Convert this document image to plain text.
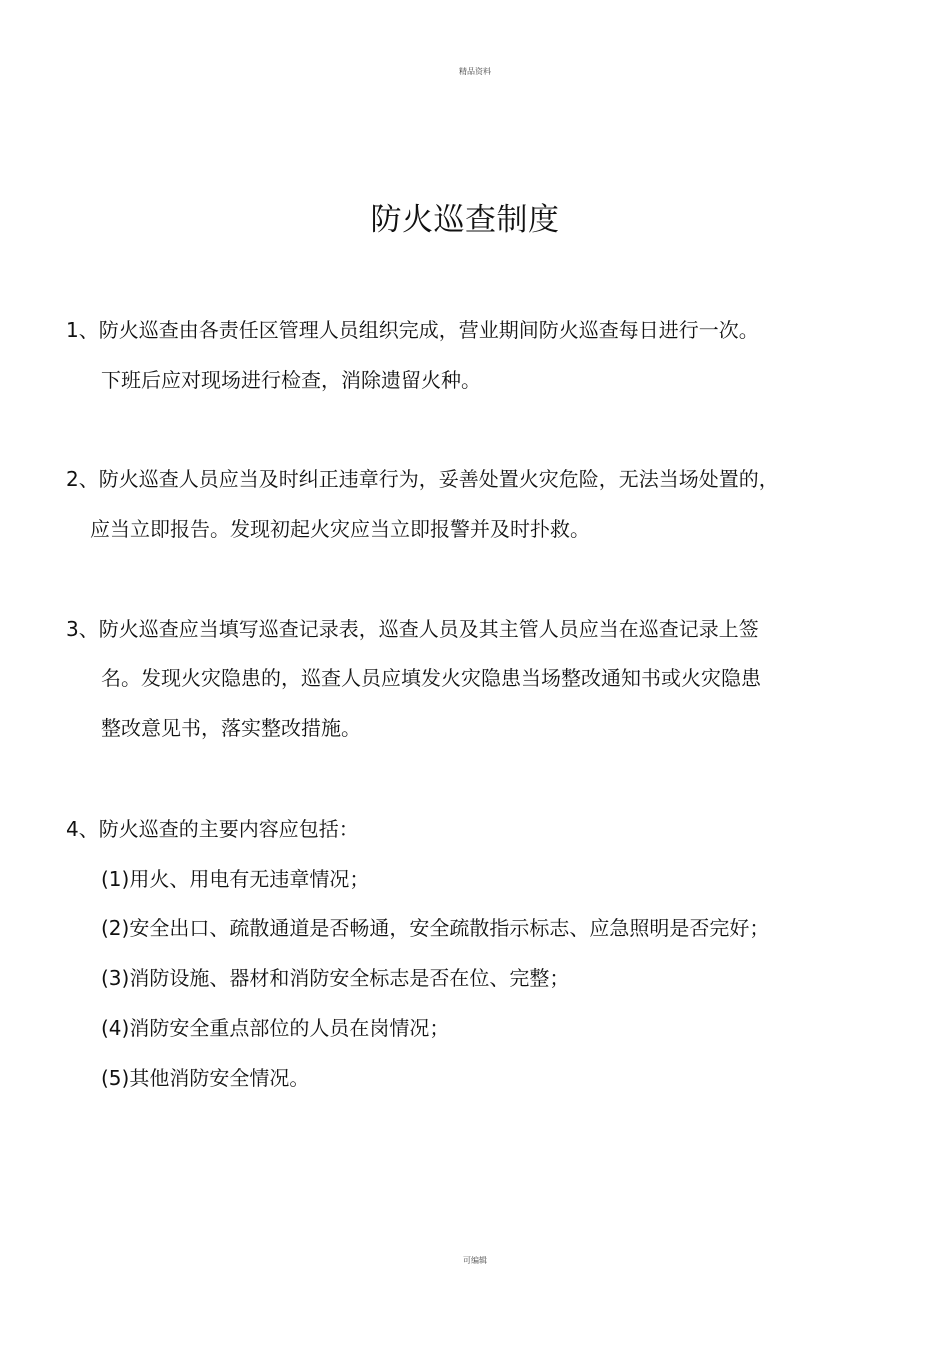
精品资料
防火巡查制度
1、防火巡查由各责任区管理人员组织完成，营业期间防火巡查每日进行一次。
下班后应对现场进行检查，消除遗留火种。
2、防火巡查人员应当及时纠正违章行为，妥善处置火灾危险，无法当场处置的，
应当立即报告。发现初起火灾应当立即报警并及时扑救。
3、防火巡查应当填写巡查记录表，巡查人员及其主管人员应当在巡查记录上签
名。发现火灾隐患的，巡查人员应填发火灾隐患当场整改通知书或火灾隐患
整改意见书，落实整改措施。
4、防火巡查的主要内容应包括：
(1)用火、用电有无违章情况；
(2)安全出口、疏散通道是否畅通，安全疏散指示标志、应急照明是否完好；
(3)消防设施、器材和消防安全标志是否在位、完整；
(4)消防安全重点部位的人员在岗情况；
(5)其他消防安全情况。
可编辑
